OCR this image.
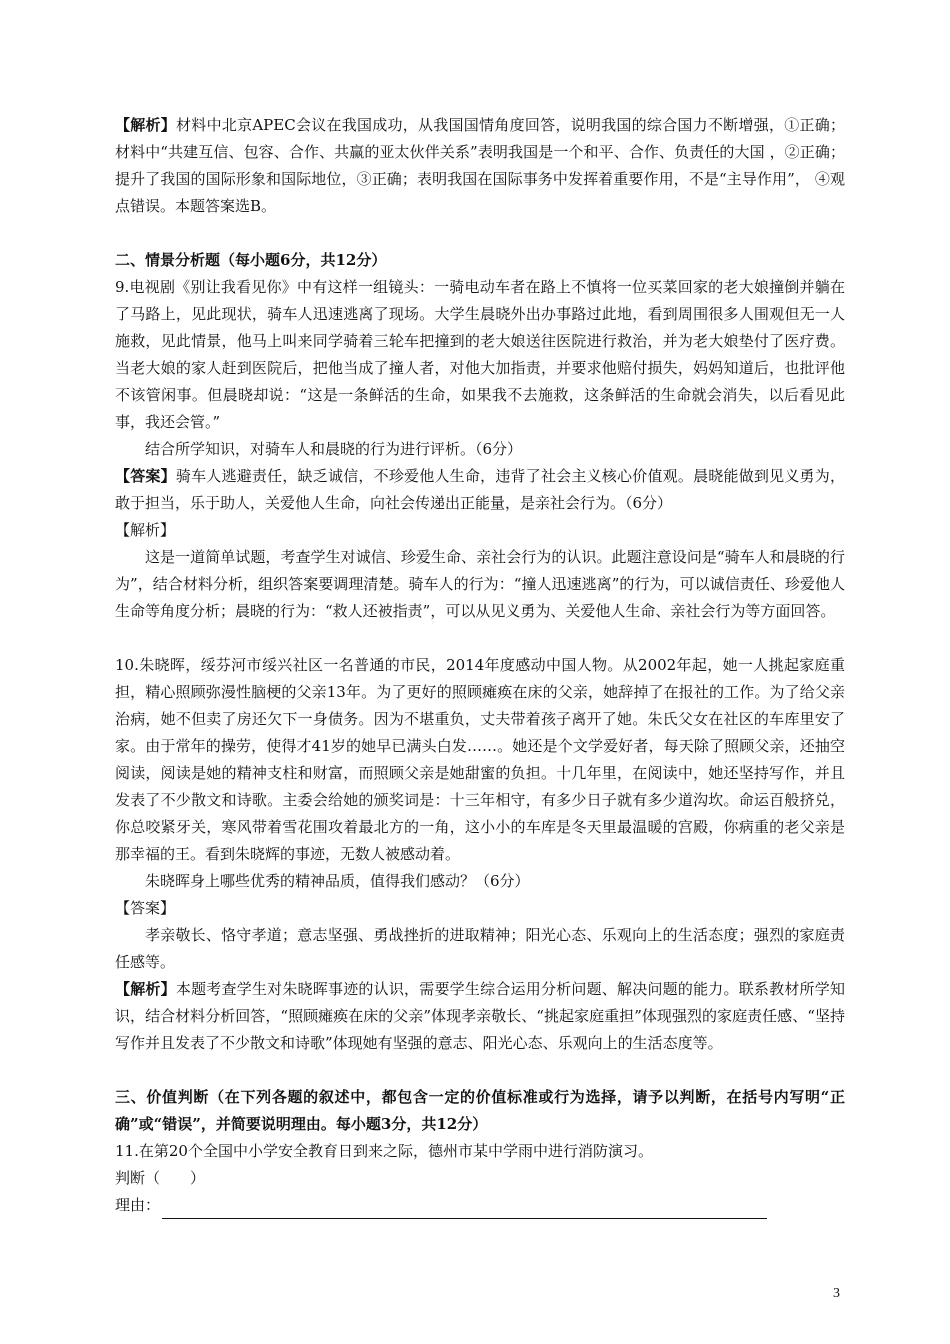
【解析】材料中北京APEC会议在我国成功，从我国国情角度回答，说明我国的综合国力不断增强，①正确；材料中“共建互信、包容、合作、共赢的亚太伙伴关系”表明我国是一个和平、合作、负责任的大国 ，②正确；提升了我国的国际形象和国际地位，③正确；表明我国在国际事务中发挥着重要作用，不是“主导作用”， ④观点错误。本题答案选B。

二、情景分析题（每小题6分，共12分）

9.电视剧《别让我看见你》中有这样一组镜头：一骑电动车者在路上不慎将一位买菜回家的老大娘撞倒并躺在了马路上，见此现状，骑车人迅速逃离了现场。大学生晨晓外出办事路过此地，看到周围很多人围观但无一人施救，见此情景，他马上叫来同学骑着三轮车把撞到的老大娘送往医院进行救治，并为老大娘垫付了医疗费。当老大娘的家人赶到医院后，把他当成了撞人者，对他大加指责，并要求他赔付损失，妈妈知道后，也批评他不该管闲事。但晨晓却说：“这是一条鲜活的生命，如果我不去施救，这条鲜活的生命就会消失，以后看见此事，我还会管。”

结合所学知识，对骑车人和晨晓的行为进行评析。（6分）

【答案】骑车人逃避责任，缺乏诚信，不珍爱他人生命，违背了社会主义核心价值观。晨晓能做到见义勇为，敢于担当，乐于助人，关爱他人生命，向社会传递出正能量，是亲社会行为。（6分）

【解析】

这是一道简单试题，考查学生对诚信、珍爱生命、亲社会行为的认识。此题注意设问是“骑车人和晨晓的行为”，结合材料分析，组织答案要调理清楚。骑车人的行为：“撞人迅速逃离”的行为，可以诚信责任、珍爱他人生命等角度分析；晨晓的行为：“救人还被指责”，可以从见义勇为、关爱他人生命、亲社会行为等方面回答。

10.朱晓晖，绥芬河市绥兴社区一名普通的市民，2014年度感动中国人物。从2002年起，她一人挑起家庭重担，精心照顾弥漫性脑梗的父亲13年。为了更好的照顾瘫痪在床的父亲，她辞掉了在报社的工作。为了给父亲治病，她不但卖了房还欠下一身债务。因为不堪重负，丈夫带着孩子离开了她。朱氏父女在社区的车库里安了家。由于常年的操劳，使得才41岁的她早已满头白发……。她还是个文学爱好者，每天除了照顾父亲，还抽空阅读，阅读是她的精神支柱和财富，而照顾父亲是她甜蜜的负担。十几年里，在阅读中，她还坚持写作，并且发表了不少散文和诗歌。主委会给她的颁奖词是：十三年相守，有多少日子就有多少道沟坎。命运百般挤兑，你总咬紧牙关，寒风带着雪花围攻着最北方的一角，这小小的车库是冬天里最温暖的宫殿，你病重的老父亲是那幸福的王。看到朱晓辉的事迹，无数人被感动着。

朱晓晖身上哪些优秀的精神品质，值得我们感动？（6分）

【答案】

孝亲敬长、恪守孝道；意志坚强、勇战挫折的进取精神；阳光心态、乐观向上的生活态度；强烈的家庭责任感等。

【解析】本题考查学生对朱晓晖事迹的认识，需要学生综合运用分析问题、解决问题的能力。联系教材所学知识，结合材料分析回答，“照顾瘫痪在床的父亲”体现孝亲敬长、“挑起家庭重担”体现强烈的家庭责任感、“坚持写作并且发表了不少散文和诗歌”体现她有坚强的意志、阳光心态、乐观向上的生活态度等。

三、价值判断（在下列各题的叙述中，都包含一定的价值标准或行为选择，请予以判断，在括号内写明“正确”或“错误”，并简要说明理由。每小题3分，共12分）

11.在第20个全国中小学安全教育日到来之际，德州市某中学雨中进行消防演习。

判断（　　）

理由：

3
